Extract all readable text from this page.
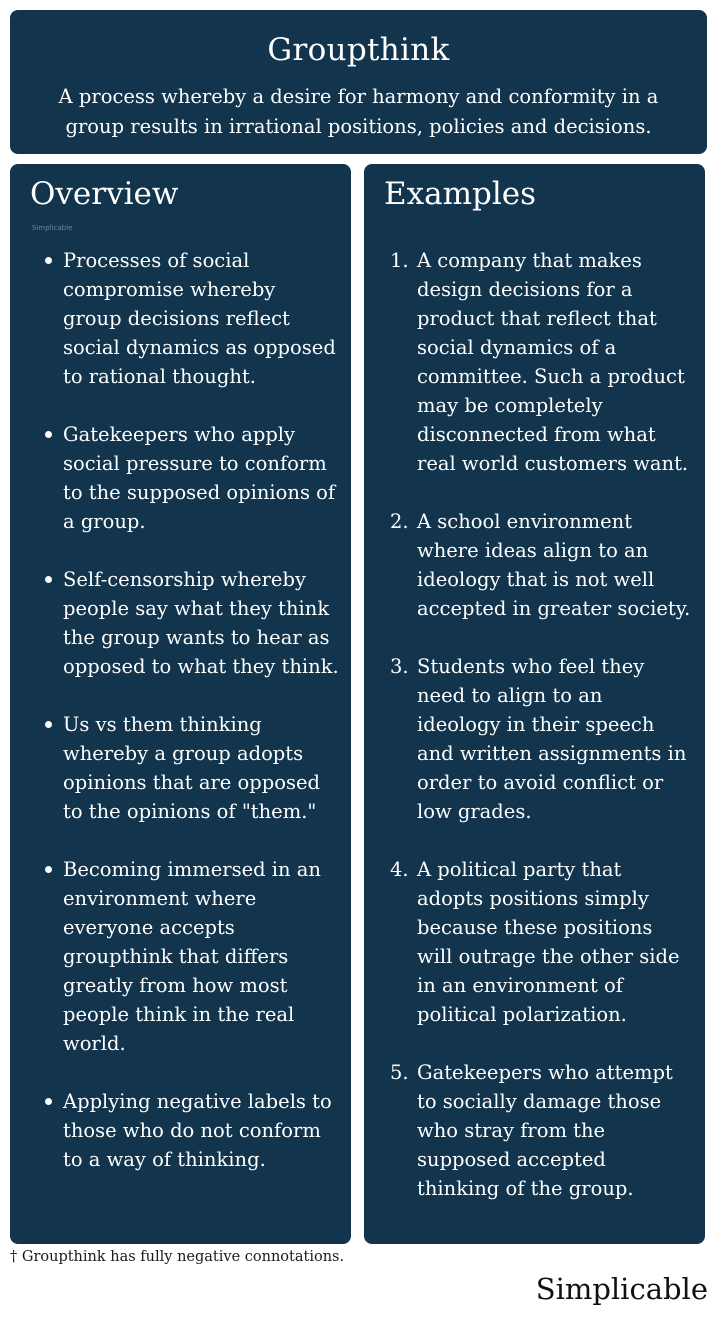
Groupthink
A process whereby a desire for harmony and conformity in a group results in irrational positions, policies and decisions.
Overview
Simplicable
Processes of social compromise whereby group decisions reflect social dynamics as opposed to rational thought.
Gatekeepers who apply social pressure to conform to the supposed opinions of a group.
Self-censorship whereby people say what they think the group wants to hear as opposed to what they think.
Us vs them thinking whereby a group adopts opinions that are opposed to the opinions of "them."
Becoming immersed in an environment where everyone accepts groupthink that differs greatly from how most people think in the real world.
Applying negative labels to those who do not conform to a way of thinking.
Examples
1. A company that makes design decisions for a product that reflect that social dynamics of a committee. Such a product may be completely disconnected from what real world customers want.
2. A school environment where ideas align to an ideology that is not well accepted in greater society.
3. Students who feel they need to align to an ideology in their speech and written assignments in order to avoid conflict or low grades.
4. A political party that adopts positions simply because these positions will outrage the other side in an environment of political polarization.
5. Gatekeepers who attempt to socially damage those who stray from the supposed accepted thinking of the group.
† Groupthink has fully negative connotations.
Simplicable
